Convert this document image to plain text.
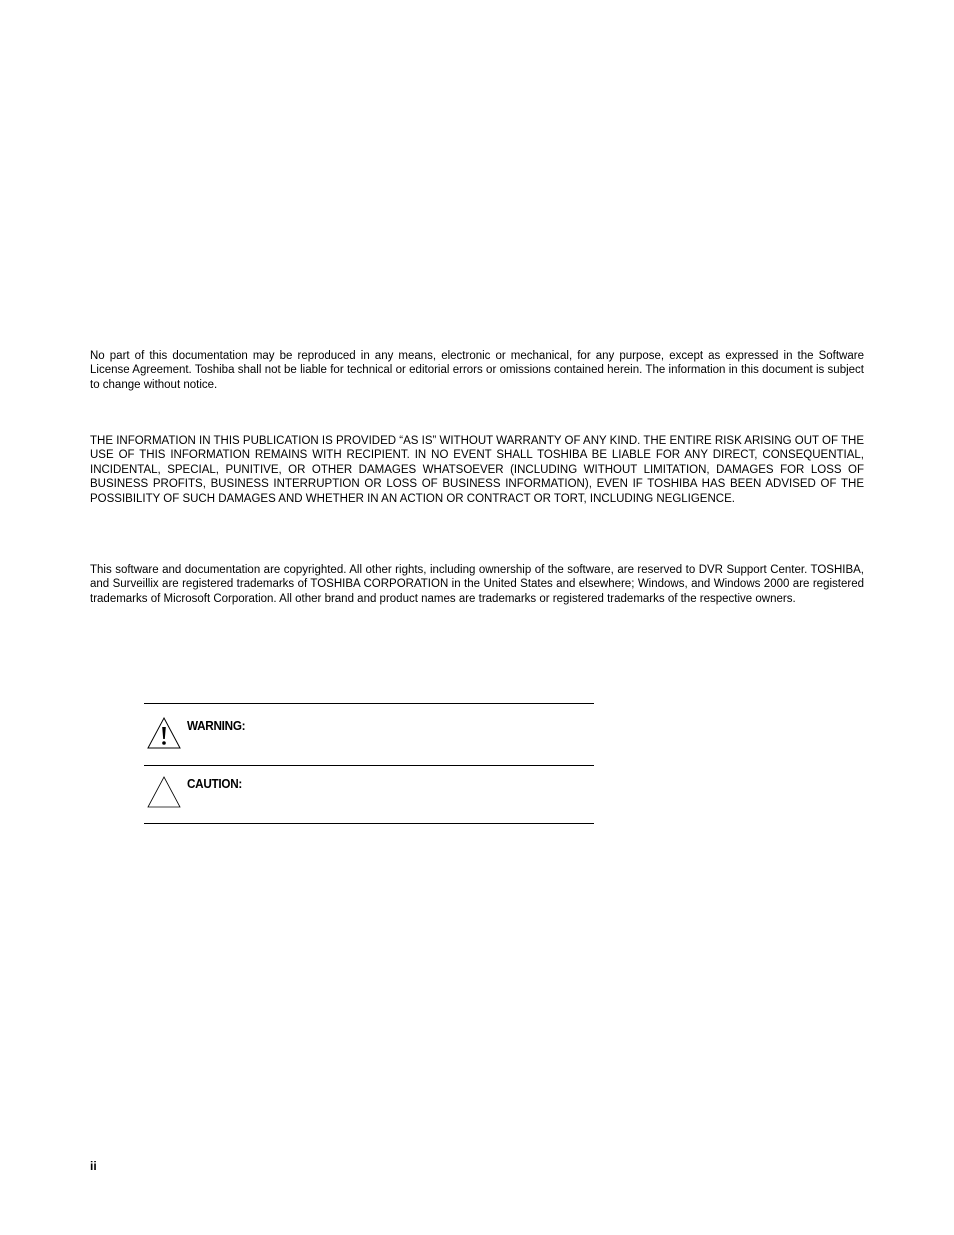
No part of this documentation may be reproduced in any means, electronic or mechanical, for any purpose, except as expressed in the Software License Agreement. Toshiba shall not be liable for technical or editorial errors or omissions contained herein. The information in this document is subject to change without notice.

THE INFORMATION IN THIS PUBLICATION IS PROVIDED “AS IS” WITHOUT WARRANTY OF ANY KIND. THE ENTIRE RISK ARISING OUT OF THE USE OF THIS INFORMATION REMAINS WITH RECIPIENT. IN NO EVENT SHALL TOSHIBA BE LIABLE FOR ANY DIRECT, CONSEQUENTIAL, INCIDENTAL, SPECIAL, PUNITIVE, OR OTHER DAMAGES WHATSOEVER (INCLUDING WITHOUT LIMITATION, DAMAGES FOR LOSS OF BUSINESS PROFITS, BUSINESS INTERRUPTION OR LOSS OF BUSINESS INFORMATION), EVEN IF TOSHIBA HAS BEEN ADVISED OF THE POSSIBILITY OF SUCH DAMAGES AND WHETHER IN AN ACTION OR CONTRACT OR TORT, INCLUDING NEGLIGENCE.

This software and documentation are copyrighted. All other rights, including ownership of the software, are reserved to DVR Support Center. TOSHIBA, and Surveillix are registered trademarks of TOSHIBA CORPORATION in the United States and elsewhere; Windows, and Windows 2000 are registered trademarks of Microsoft Corporation. All other brand and product names are trademarks or registered trademarks of the respective owners.

WARNING:
CAUTION:
ii
